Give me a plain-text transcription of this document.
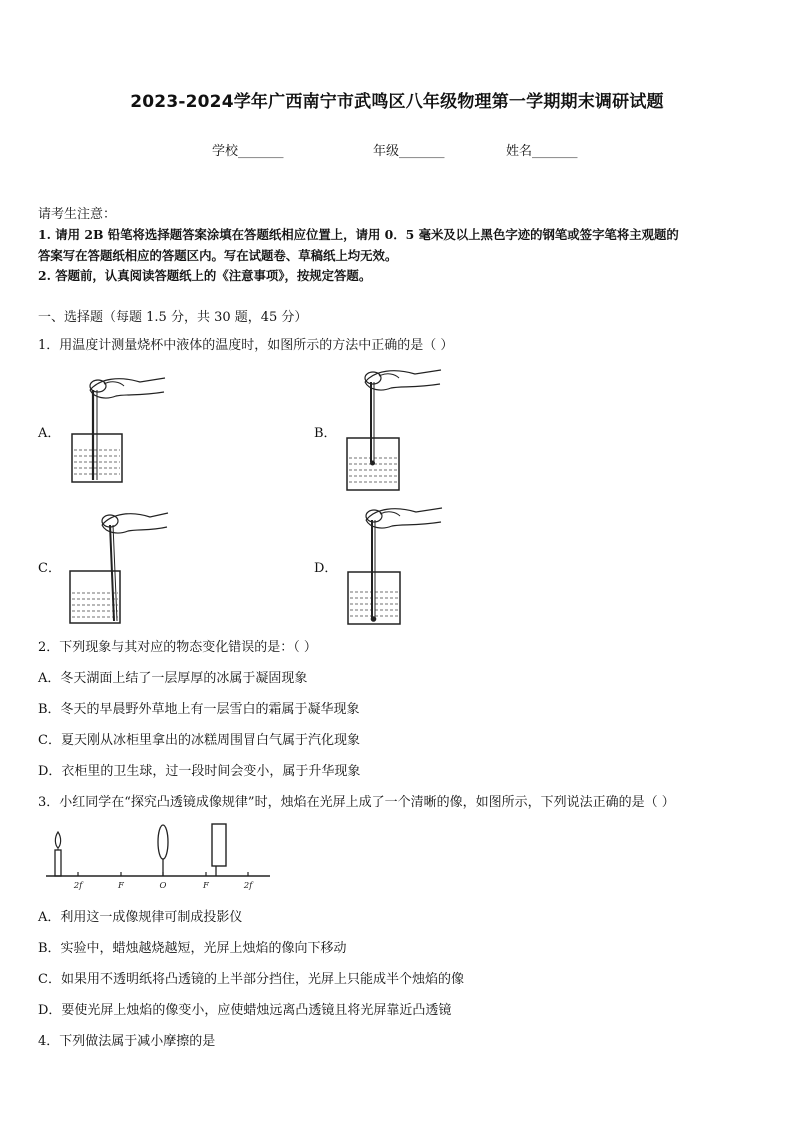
2023-2024学年广西南宁市武鸣区八年级物理第一学期期末调研试题
学校_______	年级_______	姓名_______
请考生注意：
1. 请用 2B 铅笔将选择题答案涂填在答题纸相应位置上，请用 0．5 毫米及以上黑色字迹的钢笔或签字笔将主观题的
答案写在答题纸相应的答题区内。写在试题卷、草稿纸上均无效。
2. 答题前，认真阅读答题纸上的《注意事项》，按规定答题。
一、选择题（每题 1.5 分，共 30 题，45 分）
1．用温度计测量烧杯中液体的温度时，如图所示的方法中正确的是（ ）
A．	B．
C．	D．
2．下列现象与其对应的物态变化错误的是：（ ）
A．冬天湖面上结了一层厚厚的冰属于凝固现象
B．冬天的早晨野外草地上有一层雪白的霜属于凝华现象
C．夏天刚从冰柜里拿出的冰糕周围冒白气属于汽化现象
D．衣柜里的卫生球，过一段时间会变小，属于升华现象
3．小红同学在“探究凸透镜成像规律”时，烛焰在光屏上成了一个清晰的像，如图所示，下列说法正确的是（ ）
2f	F	O	F	2f
A．利用这一成像规律可制成投影仪
B．实验中，蜡烛越烧越短，光屏上烛焰的像向下移动
C．如果用不透明纸将凸透镜的上半部分挡住，光屏上只能成半个烛焰的像
D．要使光屏上烛焰的像变小，应使蜡烛远离凸透镜且将光屏靠近凸透镜
4．下列做法属于减小摩擦的是
